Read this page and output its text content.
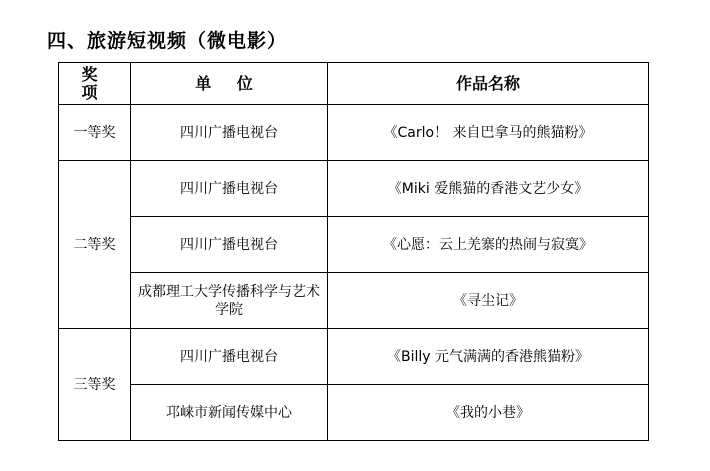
四、旅游短视频（微电影）
奖 项	单 位	作品名称
一等奖	四川广播电视台	《Carlo！ 来自巴拿马的熊猫粉》
二等奖	四川广播电视台	《Miki 爱熊猫的香港文艺少女》
	四川广播电视台	《心愿：云上羌寨的热闹与寂寞》
	成都理工大学传播科学与艺术学院	《寻尘记》
三等奖	四川广播电视台	《Billy 元气满满的香港熊猫粉》
	邛崃市新闻传媒中心	《我的小巷》
